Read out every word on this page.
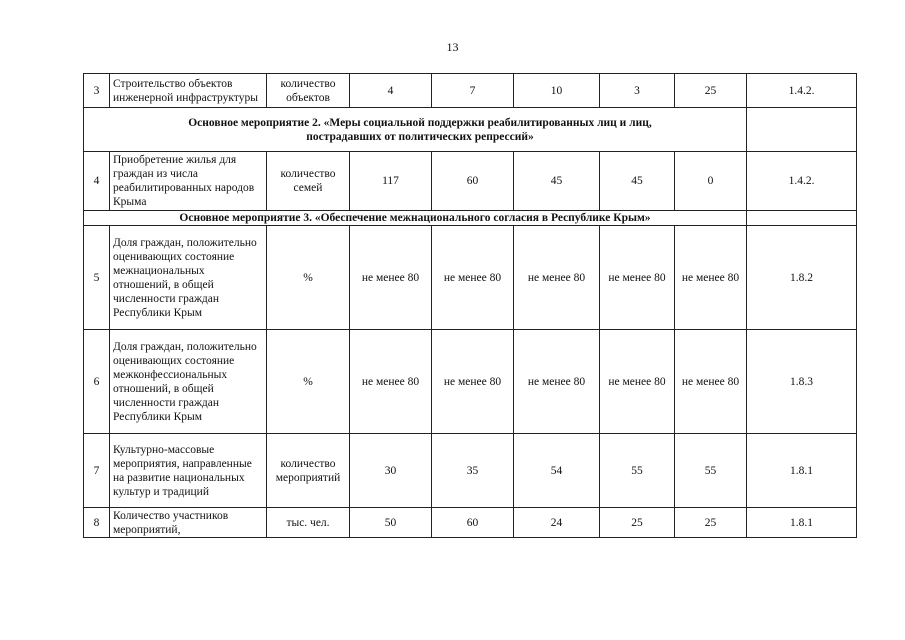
13
3	Строительство объектов инженерной инфраструктуры	количество объектов	4	7	10	3	25	1.4.2.
Основное мероприятие 2. «Меры социальной поддержки реабилитированных лиц и лиц, пострадавших от политических репрессий»								
4	Приобретение жилья для граждан из числа реабилитированных народов Крыма	количество семей	117	60	45	45	0	1.4.2.
Основное мероприятие 3. «Обеспечение межнационального согласия в Республике Крым»								
5	Доля граждан, положительно оценивающих состояние межнациональных отношений, в общей численности граждан Республики Крым	%	не менее 80	не менее 80	не менее 80	не менее 80	не менее 80	1.8.2
6	Доля граждан, положительно оценивающих состояние межконфессиональных отношений, в общей численности граждан Республики Крым	%	не менее 80	не менее 80	не менее 80	не менее 80	не менее 80	1.8.3
7	Культурно-массовые мероприятия, направленные на развитие национальных культур и традиций	количество мероприятий	30	35	54	55	55	1.8.1
8	Количество участников мероприятий,	тыс. чел.	50	60	24	25	25	1.8.1
